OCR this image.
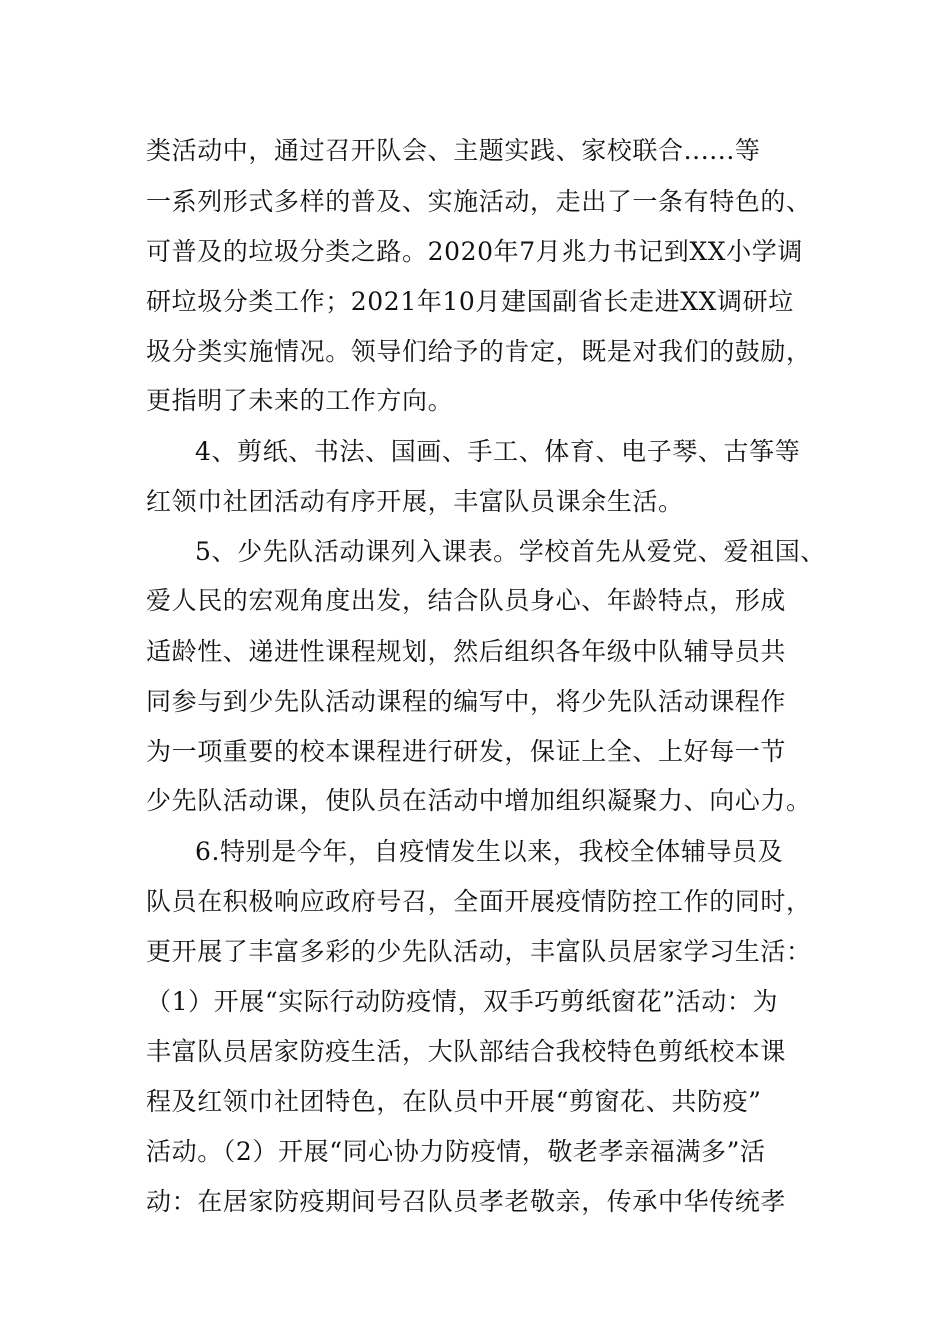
类活动中，通过召开队会、主题实践、家校联合......等
一系列形式多样的普及、实施活动，走出了一条有特色的、
可普及的垃圾分类之路。2020年7月兆力书记到XX小学调
研垃圾分类工作；2021年10月建国副省长走进XX调研垃
圾分类实施情况。领导们给予的肯定，既是对我们的鼓励，
更指明了未来的工作方向。
4、剪纸、书法、国画、手工、体育、电子琴、古筝等
红领巾社团活动有序开展，丰富队员课余生活。
5、少先队活动课列入课表。学校首先从爱党、爱祖国、
爱人民的宏观角度出发，结合队员身心、年龄特点，形成
适龄性、递进性课程规划，然后组织各年级中队辅导员共
同参与到少先队活动课程的编写中，将少先队活动课程作
为一项重要的校本课程进行研发，保证上全、上好每一节
少先队活动课，使队员在活动中增加组织凝聚力、向心力。
6.特别是今年，自疫情发生以来，我校全体辅导员及
队员在积极响应政府号召，全面开展疫情防控工作的同时，
更开展了丰富多彩的少先队活动，丰富队员居家学习生活：
（1）开展“实际行动防疫情，双手巧剪纸窗花”活动：为
丰富队员居家防疫生活，大队部结合我校特色剪纸校本课
程及红领巾社团特色，在队员中开展“剪窗花、共防疫”
活动。（2）开展“同心协力防疫情，敬老孝亲福满多”活
动：在居家防疫期间号召队员孝老敬亲，传承中华传统孝
